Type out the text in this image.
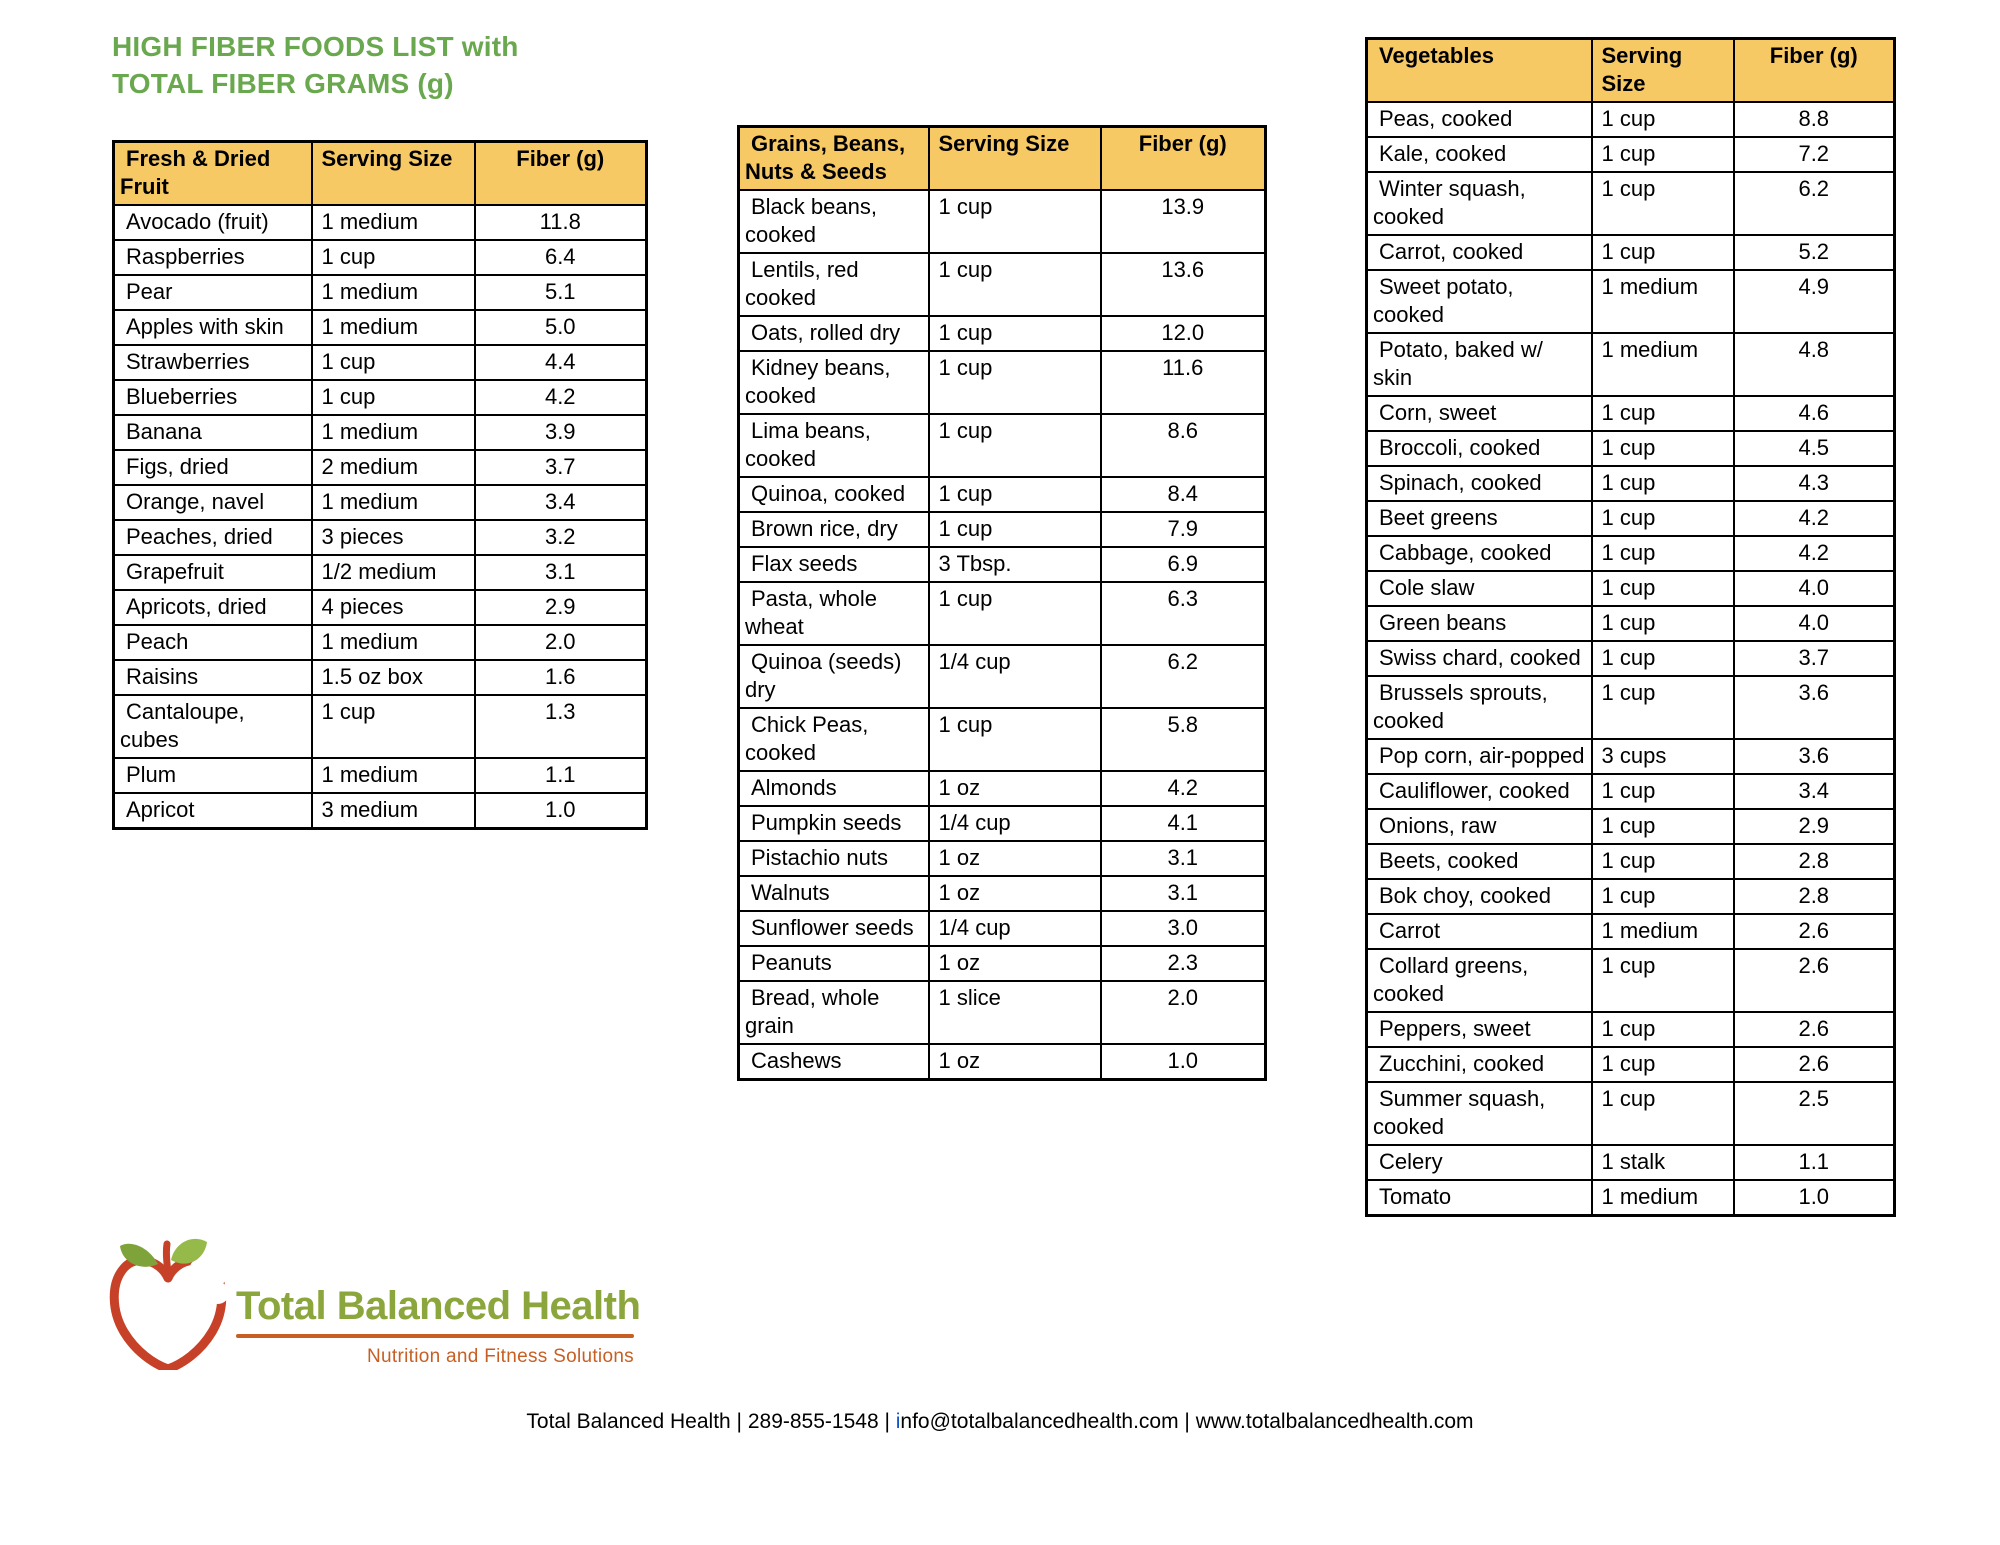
HIGH FIBER FOODS LIST with
TOTAL FIBER GRAMS (g)
Fresh & Dried Fruit	Serving Size	Fiber (g)
Avocado (fruit)	1 medium	11.8
Raspberries	1 cup	6.4
Pear	1 medium	5.1
Apples with skin	1 medium	5.0
Strawberries	1 cup	4.4
Blueberries	1 cup	4.2
Banana	1 medium	3.9
Figs, dried	2 medium	3.7
Orange, navel	1 medium	3.4
Peaches, dried	3 pieces	3.2
Grapefruit	1/2 medium	3.1
Apricots, dried	4 pieces	2.9
Peach	1 medium	2.0
Raisins	1.5 oz box	1.6
Cantaloupe, cubes	1 cup	1.3
Plum	1 medium	1.1
Apricot	3 medium	1.0
Grains, Beans, Nuts & Seeds	Serving Size	Fiber (g)
Black beans, cooked	1 cup	13.9
Lentils, red cooked	1 cup	13.6
Oats, rolled dry	1 cup	12.0
Kidney beans, cooked	1 cup	11.6
Lima beans, cooked	1 cup	8.6
Quinoa, cooked	1 cup	8.4
Brown rice, dry	1 cup	7.9
Flax seeds	3 Tbsp.	6.9
Pasta, whole wheat	1 cup	6.3
Quinoa (seeds) dry	1/4 cup	6.2
Chick Peas, cooked	1 cup	5.8
Almonds	1 oz	4.2
Pumpkin seeds	1/4 cup	4.1
Pistachio nuts	1 oz	3.1
Walnuts	1 oz	3.1
Sunflower seeds	1/4 cup	3.0
Peanuts	1 oz	2.3
Bread, whole grain	1 slice	2.0
Cashews	1 oz	1.0
Vegetables	Serving Size	Fiber (g)
Peas, cooked	1 cup	8.8
Kale, cooked	1 cup	7.2
Winter squash, cooked	1 cup	6.2
Carrot, cooked	1 cup	5.2
Sweet potato, cooked	1 medium	4.9
Potato, baked w/ skin	1 medium	4.8
Corn, sweet	1 cup	4.6
Broccoli, cooked	1 cup	4.5
Spinach, cooked	1 cup	4.3
Beet greens	1 cup	4.2
Cabbage, cooked	1 cup	4.2
Cole slaw	1 cup	4.0
Green beans	1 cup	4.0
Swiss chard, cooked	1 cup	3.7
Brussels sprouts, cooked	1 cup	3.6
Pop corn, air-popped	3 cups	3.6
Cauliflower, cooked	1 cup	3.4
Onions, raw	1 cup	2.9
Beets, cooked	1 cup	2.8
Bok choy, cooked	1 cup	2.8
Carrot	1 medium	2.6
Collard greens, cooked	1 cup	2.6
Peppers, sweet	1 cup	2.6
Zucchini, cooked	1 cup	2.6
Summer squash, cooked	1 cup	2.5
Celery	1 stalk	1.1
Tomato	1 medium	1.0
Total Balanced Health
Nutrition and Fitness Solutions
Total Balanced Health | 289-855-1548 | info@totalbalancedhealth.com | www.totalbalancedhealth.com
